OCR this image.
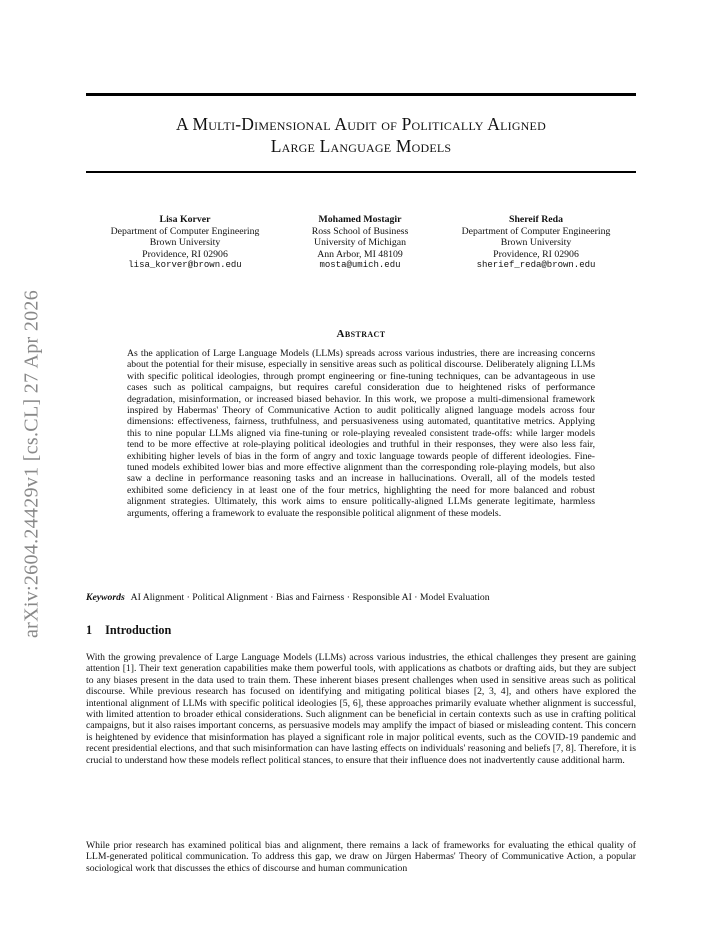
arXiv:2604.24429v1 [cs.CL] 27 Apr 2026
A Multi-Dimensional Audit of Politically Aligned
Large Language Models
Lisa Korver
Department of Computer Engineering
Brown University
Providence, RI 02906
lisa_korver@brown.edu
Mohamed Mostagir
Ross School of Business
University of Michigan
Ann Arbor, MI 48109
mosta@umich.edu
Shereif Reda
Department of Computer Engineering
Brown University
Providence, RI 02906
sherief_reda@brown.edu
Abstract
As the application of Large Language Models (LLMs) spreads across various industries, there are increasing concerns about the potential for their misuse, especially in sensitive areas such as political discourse. Deliberately aligning LLMs with specific political ideologies, through prompt engineering or fine-tuning techniques, can be advantageous in use cases such as political campaigns, but requires careful consideration due to heightened risks of performance degradation, misinformation, or increased biased behavior. In this work, we propose a multi-dimensional framework inspired by Habermas' Theory of Communicative Action to audit politically aligned language models across four dimensions: effectiveness, fairness, truthfulness, and persuasiveness using automated, quantitative metrics. Applying this to nine popular LLMs aligned via fine-tuning or role-playing revealed consistent trade-offs: while larger models tend to be more effective at role-playing political ideologies and truthful in their responses, they were also less fair, exhibiting higher levels of bias in the form of angry and toxic language towards people of different ideologies. Fine-tuned models exhibited lower bias and more effective alignment than the corresponding role-playing models, but also saw a decline in performance reasoning tasks and an increase in hallucinations. Overall, all of the models tested exhibited some deficiency in at least one of the four metrics, highlighting the need for more balanced and robust alignment strategies. Ultimately, this work aims to ensure politically-aligned LLMs generate legitimate, harmless arguments, offering a framework to evaluate the responsible political alignment of these models.
Keywords AI Alignment · Political Alignment · Bias and Fairness · Responsible AI · Model Evaluation
1 Introduction

With the growing prevalence of Large Language Models (LLMs) across various industries, the ethical challenges they present are gaining attention [1]. Their text generation capabilities make them powerful tools, with applications as chatbots or drafting aids, but they are subject to any biases present in the data used to train them. These inherent biases present challenges when used in sensitive areas such as political discourse. While previous research has focused on identifying and mitigating political biases [2, 3, 4], and others have explored the intentional alignment of LLMs with specific political ideologies [5, 6], these approaches primarily evaluate whether alignment is successful, with limited attention to broader ethical considerations. Such alignment can be beneficial in certain contexts such as use in crafting political campaigns, but it also raises important concerns, as persuasive models may amplify the impact of biased or misleading content. This concern is heightened by evidence that misinformation has played a significant role in major political events, such as the COVID-19 pandemic and recent presidential elections, and that such misinformation can have lasting effects on individuals' reasoning and beliefs [7, 8]. Therefore, it is crucial to understand how these models reflect political stances, to ensure that their influence does not inadvertently cause additional harm.

While prior research has examined political bias and alignment, there remains a lack of frameworks for evaluating the ethical quality of LLM-generated political communication. To address this gap, we draw on Jürgen Habermas' Theory of Communicative Action, a popular sociological work that discusses the ethics of discourse and human communication
